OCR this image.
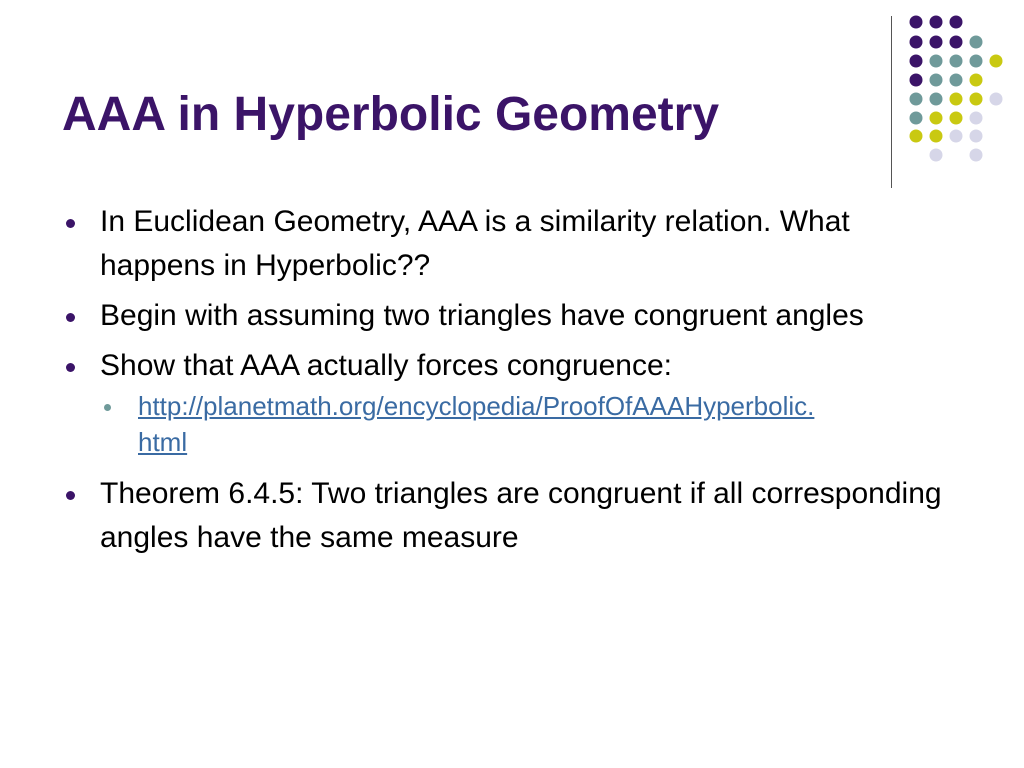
AAA in Hyperbolic Geometry
In Euclidean Geometry, AAA is a similarity relation. What happens in Hyperbolic??
Begin with assuming two triangles have congruent angles
Show that AAA actually forces congruence:
http://planetmath.org/encyclopedia/ProofOfAAAHyperbolic.
html
Theorem 6.4.5: Two triangles are congruent if all corresponding angles have the same measure
